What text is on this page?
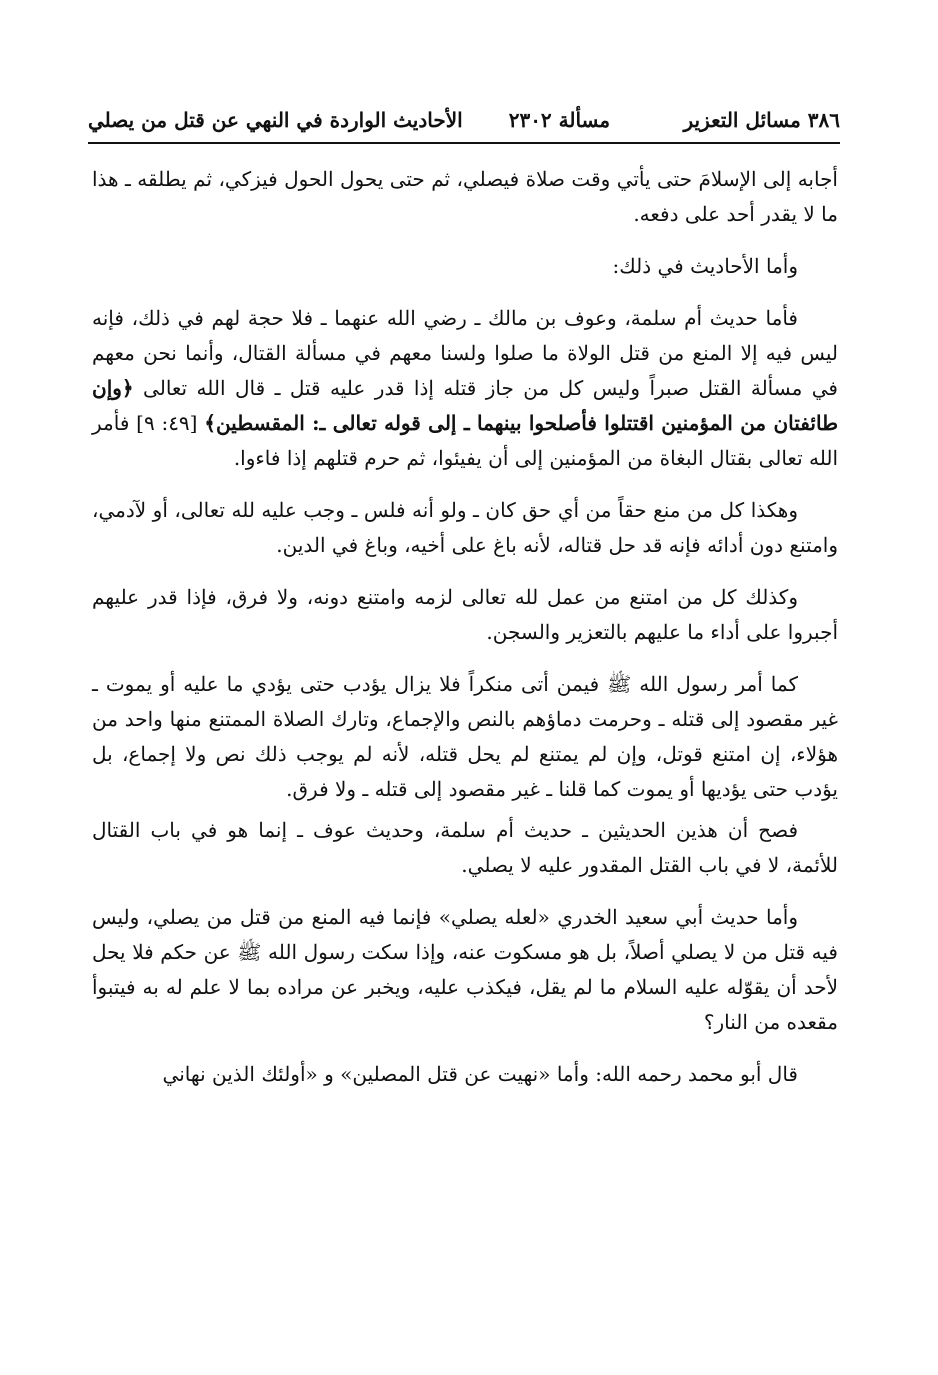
٣٨٦ مسائل التعزير
مسألة ٢٣٠٢
الأحاديث الواردة في النهي عن قتل من يصلي

أجابه إلى الإسلامَ حتى يأتي وقت صلاة فيصلي، ثم حتى يحول الحول فيزكي، ثم يطلقه ـ هذا ما لا يقدر أحد على دفعه.

وأما الأحاديث في ذلك:

فأما حديث أم سلمة، وعوف بن مالك ـ رضي الله عنهما ـ فلا حجة لهم في ذلك، فإنه ليس فيه إلا المنع من قتل الولاة ما صلوا ولسنا معهم في مسألة القتال، وأنما نحن معهم في مسألة القتل صبراً وليس كل من جاز قتله إذا قدر عليه قتل ـ قال الله تعالى ﴿وإن طائفتان من المؤمنين اقتتلوا فأصلحوا بينهما ـ إلى قوله تعالى ـ: المقسطين﴾ [٤٩: ٩] فأمر الله تعالى بقتال البغاة من المؤمنين إلى أن يفيئوا، ثم حرم قتلهم إذا فاءوا.

وهكذا كل من منع حقاً من أي حق كان ـ ولو أنه فلس ـ وجب عليه لله تعالى، أو لآدمي، وامتنع دون أدائه فإنه قد حل قتاله، لأنه باغ على أخيه، وباغ في الدين.

وكذلك كل من امتنع من عمل لله تعالى لزمه وامتنع دونه، ولا فرق، فإذا قدر عليهم أجبروا على أداء ما عليهم بالتعزير والسجن.

كما أمر رسول الله ﷺ فيمن أتى منكراً فلا يزال يؤدب حتى يؤدي ما عليه أو يموت ـ غير مقصود إلى قتله ـ وحرمت دماؤهم بالنص والإجماع، وتارك الصلاة الممتنع منها واحد من هؤلاء، إن امتنع قوتل، وإن لم يمتنع لم يحل قتله، لأنه لم يوجب ذلك نص ولا إجماع، بل يؤدب حتى يؤديها أو يموت كما قلنا ـ غير مقصود إلى قتله ـ ولا فرق.

فصح أن هذين الحديثين ـ حديث أم سلمة، وحديث عوف ـ إنما هو في باب القتال للأئمة، لا في باب القتل المقدور عليه لا يصلي.

وأما حديث أبي سعيد الخدري «لعله يصلي» فإنما فيه المنع من قتل من يصلي، وليس فيه قتل من لا يصلي أصلاً، بل هو مسكوت عنه، وإذا سكت رسول الله ﷺ عن حكم فلا يحل لأحد أن يقوّله عليه السلام ما لم يقل، فيكذب عليه، ويخبر عن مراده بما لا علم له به فيتبوأ مقعده من النار؟

قال أبو محمد رحمه الله: وأما «نهيت عن قتل المصلين» و «أولئك الذين نهاني
